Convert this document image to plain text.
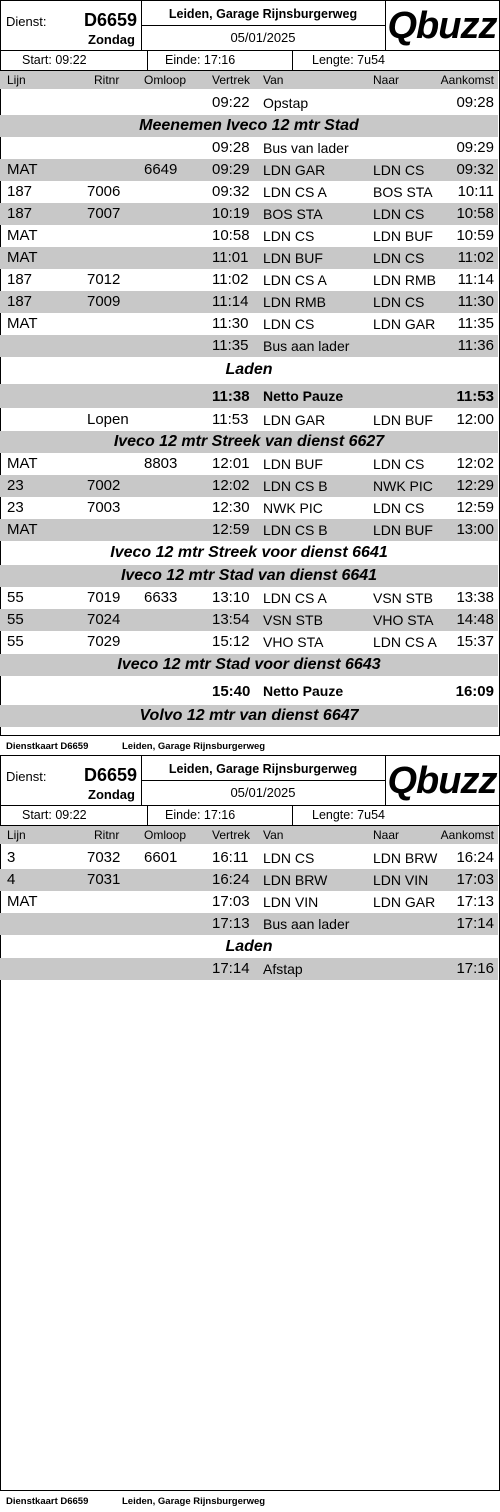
Dienst: D6659
Zondag
Leiden, Garage Rijnsburgerweg
05/01/2025	Qbuzz
Start: 09:22	Einde: 17:16	Lengte: 7u54
Lijn	Ritnr Omloop Vertrek Van	Naar	Aankomst
09:22 Opstap	09:28
Meenemen Iveco 12 mtr Stad
09:28 Bus van lader	09:29
MAT	6649 09:29 LDN GAR	LDN CS 09:32
187	7006	09:32 LDN CS A	BOS STA 10:11
187	7007	10:19 BOS STA	LDN CS 10:58
MAT	10:58 LDN CS	LDN BUF 10:59
MAT	11:01 LDN BUF	LDN CS 11:02
187	7012	11:02 LDN CS A	LDN RMB 11:14
187	7009	11:14 LDN RMB	LDN CS 11:30
MAT	11:30 LDN CS	LDN GAR 11:35
11:35 Bus aan lader	11:36
Laden
11:38 Netto Pauze	11:53
Lopen	11:53 LDN GAR	LDN BUF 12:00
Iveco 12 mtr Streek van dienst 6627
MAT	8803 12:01 LDN BUF	LDN CS 12:02
23	7002	12:02 LDN CS B	NWK PIC 12:29
23	7003	12:30 NWK PIC	LDN CS 12:59
MAT	12:59 LDN CS B	LDN BUF 13:00
Iveco 12 mtr Streek voor dienst 6641
Iveco 12 mtr Stad van dienst 6641
55	7019 6633 13:10 LDN CS A	VSN STB 13:38
55	7024	13:54 VSN STB	VHO STA 14:48
55	7029	15:12 VHO STA	LDN CS A 15:37
Iveco 12 mtr Stad voor dienst 6643
15:40 Netto Pauze	16:09
Volvo 12 mtr van dienst 6647
Dienstkaart D6659	Leiden, Garage Rijnsburgerweg
Dienst: D6659
Zondag
Leiden, Garage Rijnsburgerweg
05/01/2025	Qbuzz
Start: 09:22	Einde: 17:16	Lengte: 7u54
Lijn	Ritnr Omloop Vertrek Van	Naar	Aankomst
3	7032 6601 16:11 LDN CS	LDN BRW 16:24
4	7031	16:24 LDN BRW	LDN VIN 17:03
MAT	17:03 LDN VIN	LDN GAR 17:13
17:13 Bus aan lader	17:14
Laden
17:14 Afstap	17:16
Dienstkaart D6659	Leiden, Garage Rijnsburgerweg
